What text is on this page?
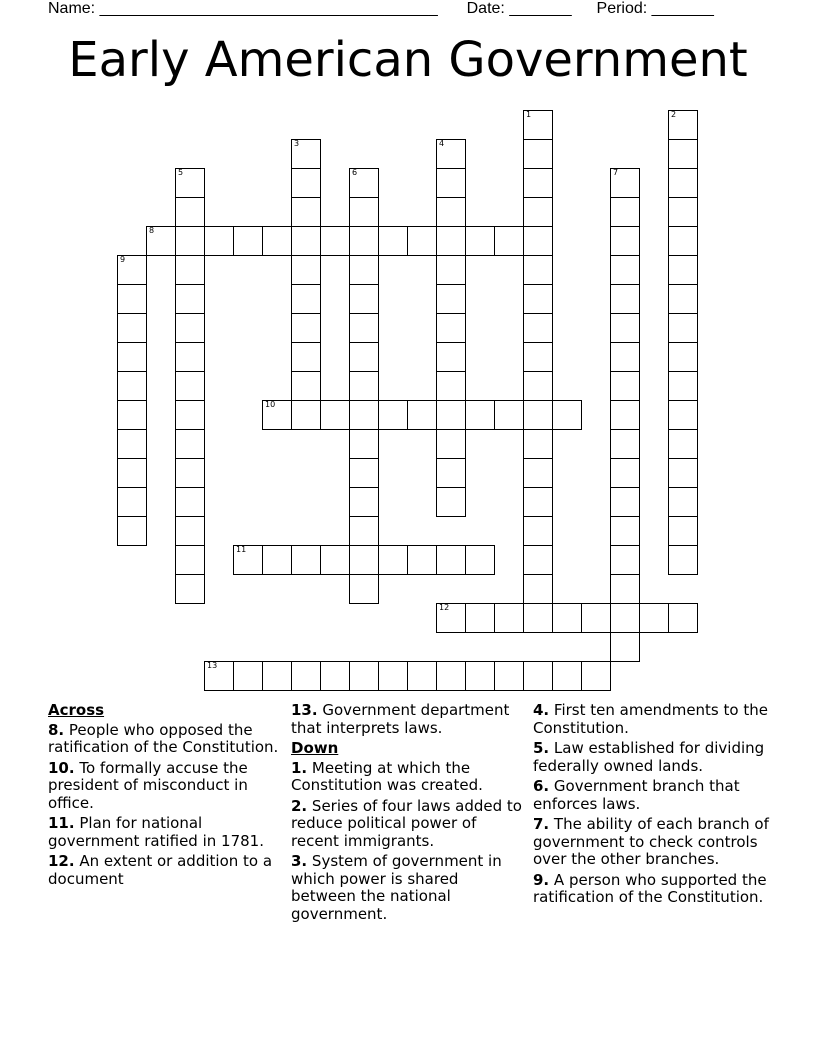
Name: ______________________________________ Date: _______ Period: _______
Early American Government
1	2
3	4
5	6	7
8
9
10
11
12
13
Across
8. People who opposed the ratification of the Constitution.
10. To formally accuse the president of misconduct in office.
11. Plan for national government ratified in 1781.
12. An extent or addition to a document
13. Government department that interprets laws.
Down
1. Meeting at which the Constitution was created.
2. Series of four laws added to reduce political power of recent immigrants.
3. System of government in which power is shared between the national government.
4. First ten amendments to the Constitution.
5. Law established for dividing federally owned lands.
6. Government branch that enforces laws.
7. The ability of each branch of government to check controls over the other branches.
9. A person who supported the ratification of the Constitution.
